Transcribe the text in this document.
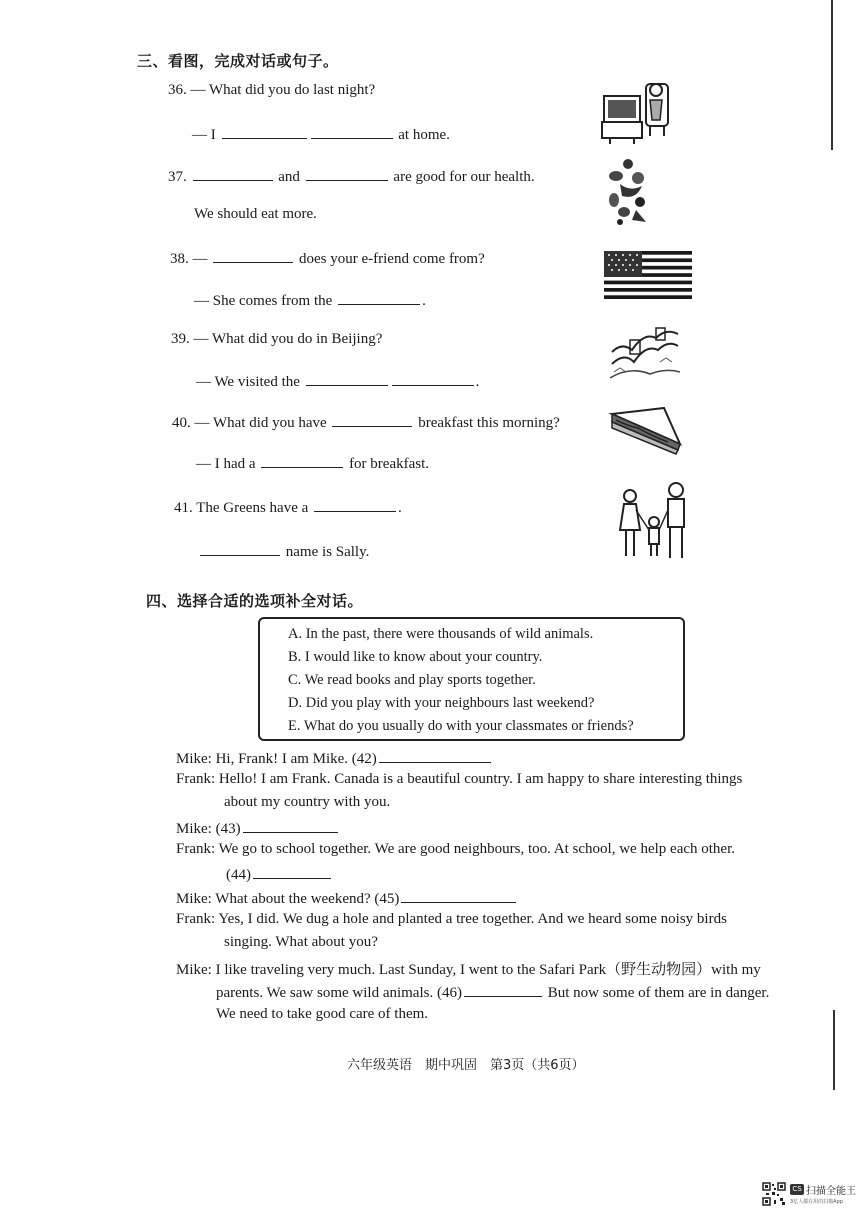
三、看图，完成对话或句子。
36. — What did you do last night?
— I	at home.
37.	and	are good for our health.
We should eat more.
38. —	does your e-friend come from?
— She comes from the	.
39. — What did you do in Beijing?
— We visited the	.
40. — What did you have	breakfast this morning?
— I had a	for breakfast.
41. The Greens have a	.
name is Sally.
四、选择合适的选项补全对话。
A. In the past, there were thousands of wild animals.
B. I would like to know about your country.
C. We read books and play sports together.
D. Did you play with your neighbours last weekend?
E. What do you usually do with your classmates or friends?
Mike: Hi, Frank! I am Mike. (42)
Frank: Hello! I am Frank. Canada is a beautiful country. I am happy to share interesting things
about my country with you.
Mike: (43)
Frank: We go to school together. We are good neighbours, too. At school, we help each other.
(44)
Mike: What about the weekend? (45)
Frank: Yes, I did. We dug a hole and planted a tree together. And we heard some noisy birds
singing. What about you?
Mike: I like traveling very much. Last Sunday, I went to the Safari Park（野生动物园）with my
parents. We saw some wild animals. (46)	But now some of them are in danger.
We need to take good care of them.
六年级英语　期中巩固　第3页（共6页）
CS 扫描全能王
3亿人都在用的扫描App
